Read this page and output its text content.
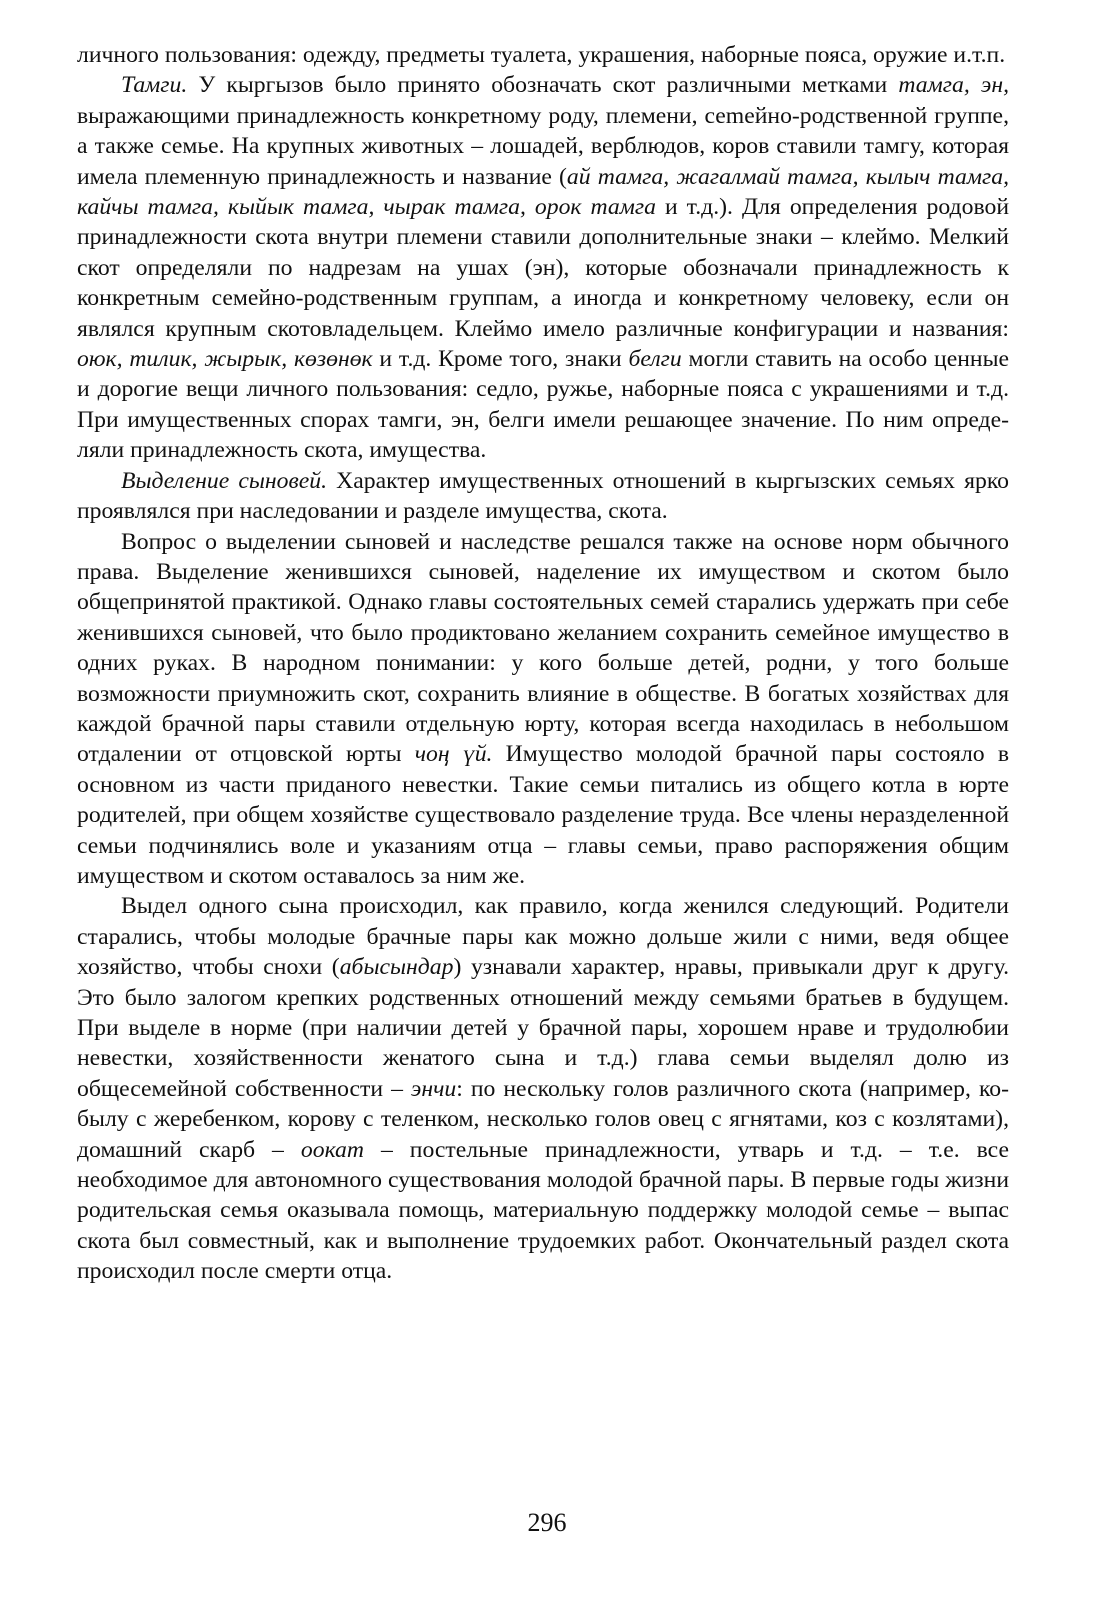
личного пользования: одежду, предметы туалета, украшения, наборные пояса, оружие и.т.п.

Тамги. У кыргызов было принято обозначать скот различными метками тамга, эн, выражающими принадлежность конкретному роду, племени, сеmейно-родственной группе, а также семье. На крупных животных – лошадей, верблюдов, коров ставили тамгу, которая имела племенную принадлежность и название (ай тамга, жагалмай тамга, кылыч тамга, кайчы тамга, кыйык тамга, чырак тамга, орок тамга и т.д.). Для определения родовой принадлежности скота внутри племени ставили дополнительные знаки – клеймо. Мелкий скот определяли по надрезам на ушах (эн), которые обозначали принадлежность к конкретным семейно-родственным группам, а иногда и конкретному человеку, если он являлся крупным скотовладельцем. Клеймо имело различные конфигурации и названия: оюк, тилик, жырык, көзөнөк и т.д. Кроме того, знаки белги могли ставить на особо ценные и дорогие вещи личного пользования: седло, ружье, наборные пояса с украшениями и т.д. При имущественных спорах тамги, эн, белги имели решающее значение. По ним определяли принадлежность скота, имущества.

Выделение сыновей. Характер имущественных отношений в кыргызских семьях ярко проявлялся при наследовании и разделе имущества, скота.

Вопрос о выделении сыновей и наследстве решался также на основе норм обычного права. Выделение женившихся сыновей, наделение их имуществом и скотом было общепринятой практикой. Однако главы состоятельных семей старались удержать при себе женившихся сыновей, что было продиктовано желанием сохранить семейное имущество в одних руках. В народном понимании: у кого больше детей, родни, у того больше возможности приумножить скот, сохранить влияние в обществе. В богатых хозяйствах для каждой брачной пары ставили отдельную юрту, которая всегда находилась в небольшом отдалении от отцовской юрты чоң үй. Имущество молодой брачной пары состояло в основном из части приданого невестки. Такие семьи питались из общего котла в юрте родителей, при общем хозяйстве существовало разделение труда. Все члены неразделенной семьи подчинялись воле и указаниям отца – главы семьи, право распоряжения общим имуществом и скотом оставалось за ним же.

Выдел одного сына происходил, как правило, когда женился следующий. Родители старались, чтобы молодые брачные пары как можно дольше жили с ними, ведя общее хозяйство, чтобы снохи (абысындар) узнавали характер, нравы, привыкали друг к другу. Это было залогом крепких родственных отношений между семьями братьев в будущем. При выделе в норме (при наличии детей у брачной пары, хорошем нраве и трудолюбии невестки, хозяйственности женатого сына и т.д.) глава семьи выделял долю из общесемейной собственности – энчи: по нескольку голов различного скота (например, кобылу с жеребенком, корову с теленком, несколько голов овец с ягнятами, коз с козлятами), домашний скарб – оокат – постельные принадлежности, утварь и т.д. – т.е. все необходимое для автономного существования молодой брачной пары. В первые годы жизни родительская семья оказывала помощь, материальную поддержку молодой семье – выпас скота был совместный, как и выполнение трудоемких работ. Окончательный раздел скота происходил после смерти отца.

296
